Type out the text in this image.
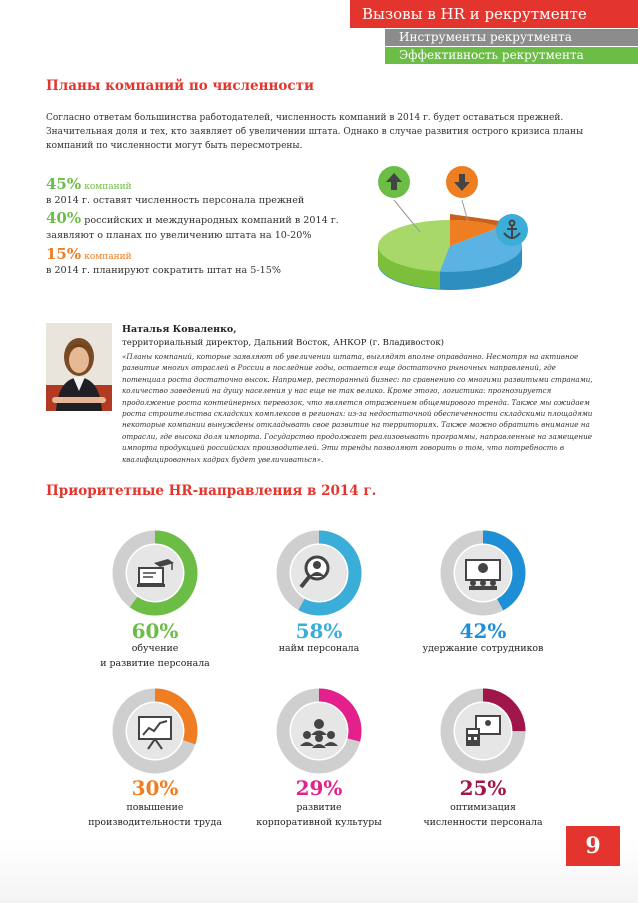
Вызовы в HR и рекрутменте
Инструменты рекрутмента
Эффективность рекрутмента
Планы компаний по численности
Согласно ответам большинства работодателей, численность компаний в 2014 г. будет оставаться прежней. Значительная доля и тех, кто заявляет об увеличении штата. Однако в случае развития острого кризиса планы компаний по численности могут быть пересмотрены.
45% компаний
в 2014 г. оставят численность персонала прежней
40% российских и международных компаний в 2014 г.
заявляют о планах по увеличению штата на 10-20%
15% компаний
в 2014 г. планируют сократить штат на 5-15%
Наталья Коваленко,
территориальный директор, Дальний Восток, АНКОР (г. Владивосток)
«Планы компаний, которые заявляют об увеличении штата, выглядят вполне оправданно. Несмотря на активное развитие многих отраслей в России в последние годы, остается еще достаточно рыночных направлений, где потенциал роста достаточно высок. Например, ресторанный бизнес: по сравнению со многими развитыми странами, количество заведений на душу населения у нас еще не так велико. Кроме этого, логистика: прогнозируется продолжение роста контейнерных перевозок, что является отражением общемирового тренда. Также мы ожидаем роста строительства складских комплексов в регионах: из-за недостаточной обеспеченности складскими площадями некоторые компании вынуждены откладывать свое развитие на территориях. Также можно обратить внимание на отрасли, где высока доля импорта. Государство продолжает реализовывать программы, направленные на замещение импорта продукцией российских производителей. Эти тренды позволяют говорить о том, что потребность в квалифицированных кадрах будет увеличиваться».
Приоритетные HR-направления в 2014 г.
60%
обучение
и развитие персонала
58%
найм персонала
42%
удержание сотрудников
30%
повышение
производительности труда
29%
развитие
корпоративной культуры
25%
оптимизация
численности персонала
9
